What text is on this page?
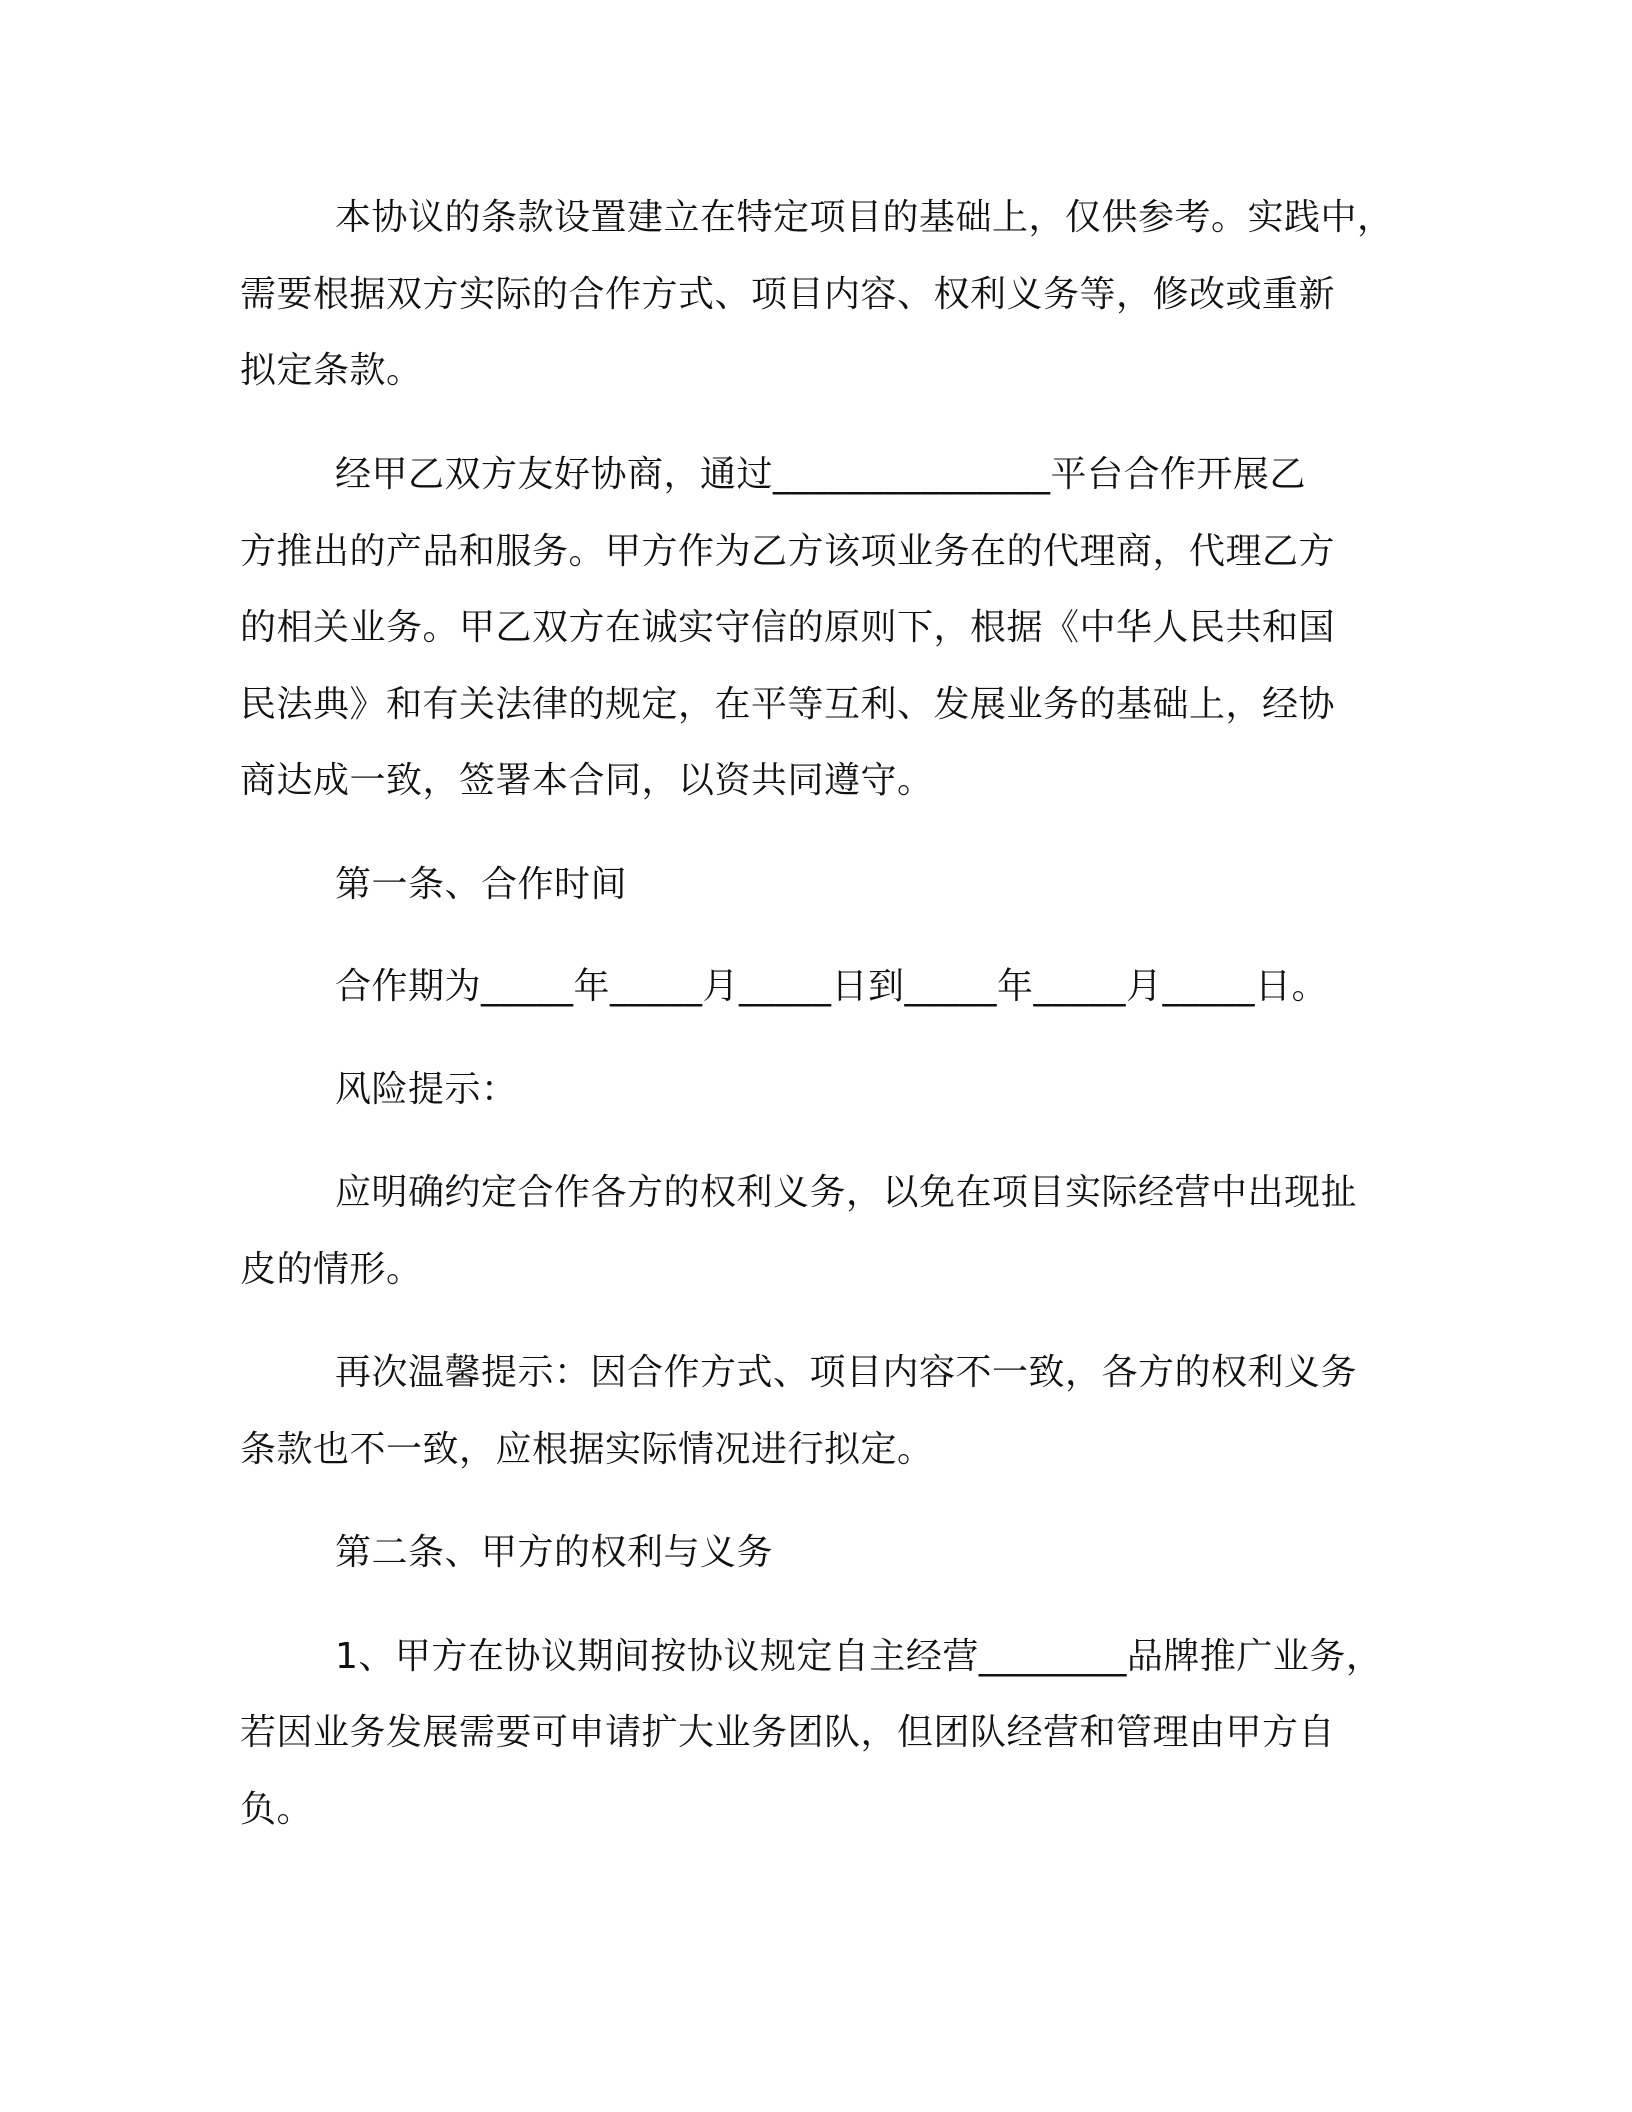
本协议的条款设置建立在特定项目的基础上，仅供参考。实践中，
需要根据双方实际的合作方式、项目内容、权利义务等，修改或重新
拟定条款。
经甲乙双方友好协商，通过_______________平台合作开展乙
方推出的产品和服务。甲方作为乙方该项业务在的代理商，代理乙方
的相关业务。甲乙双方在诚实守信的原则下，根据《中华人民共和国
民法典》和有关法律的规定，在平等互利、发展业务的基础上，经协
商达成一致，签署本合同，以资共同遵守。
第一条、合作时间
合作期为_____年_____月_____日到_____年_____月_____日。
风险提示：
应明确约定合作各方的权利义务，以免在项目实际经营中出现扯
皮的情形。
再次温馨提示：因合作方式、项目内容不一致，各方的权利义务
条款也不一致，应根据实际情况进行拟定。
第二条、甲方的权利与义务
1、甲方在协议期间按协议规定自主经营________品牌推广业务，
若因业务发展需要可申请扩大业务团队，但团队经营和管理由甲方自
负。
